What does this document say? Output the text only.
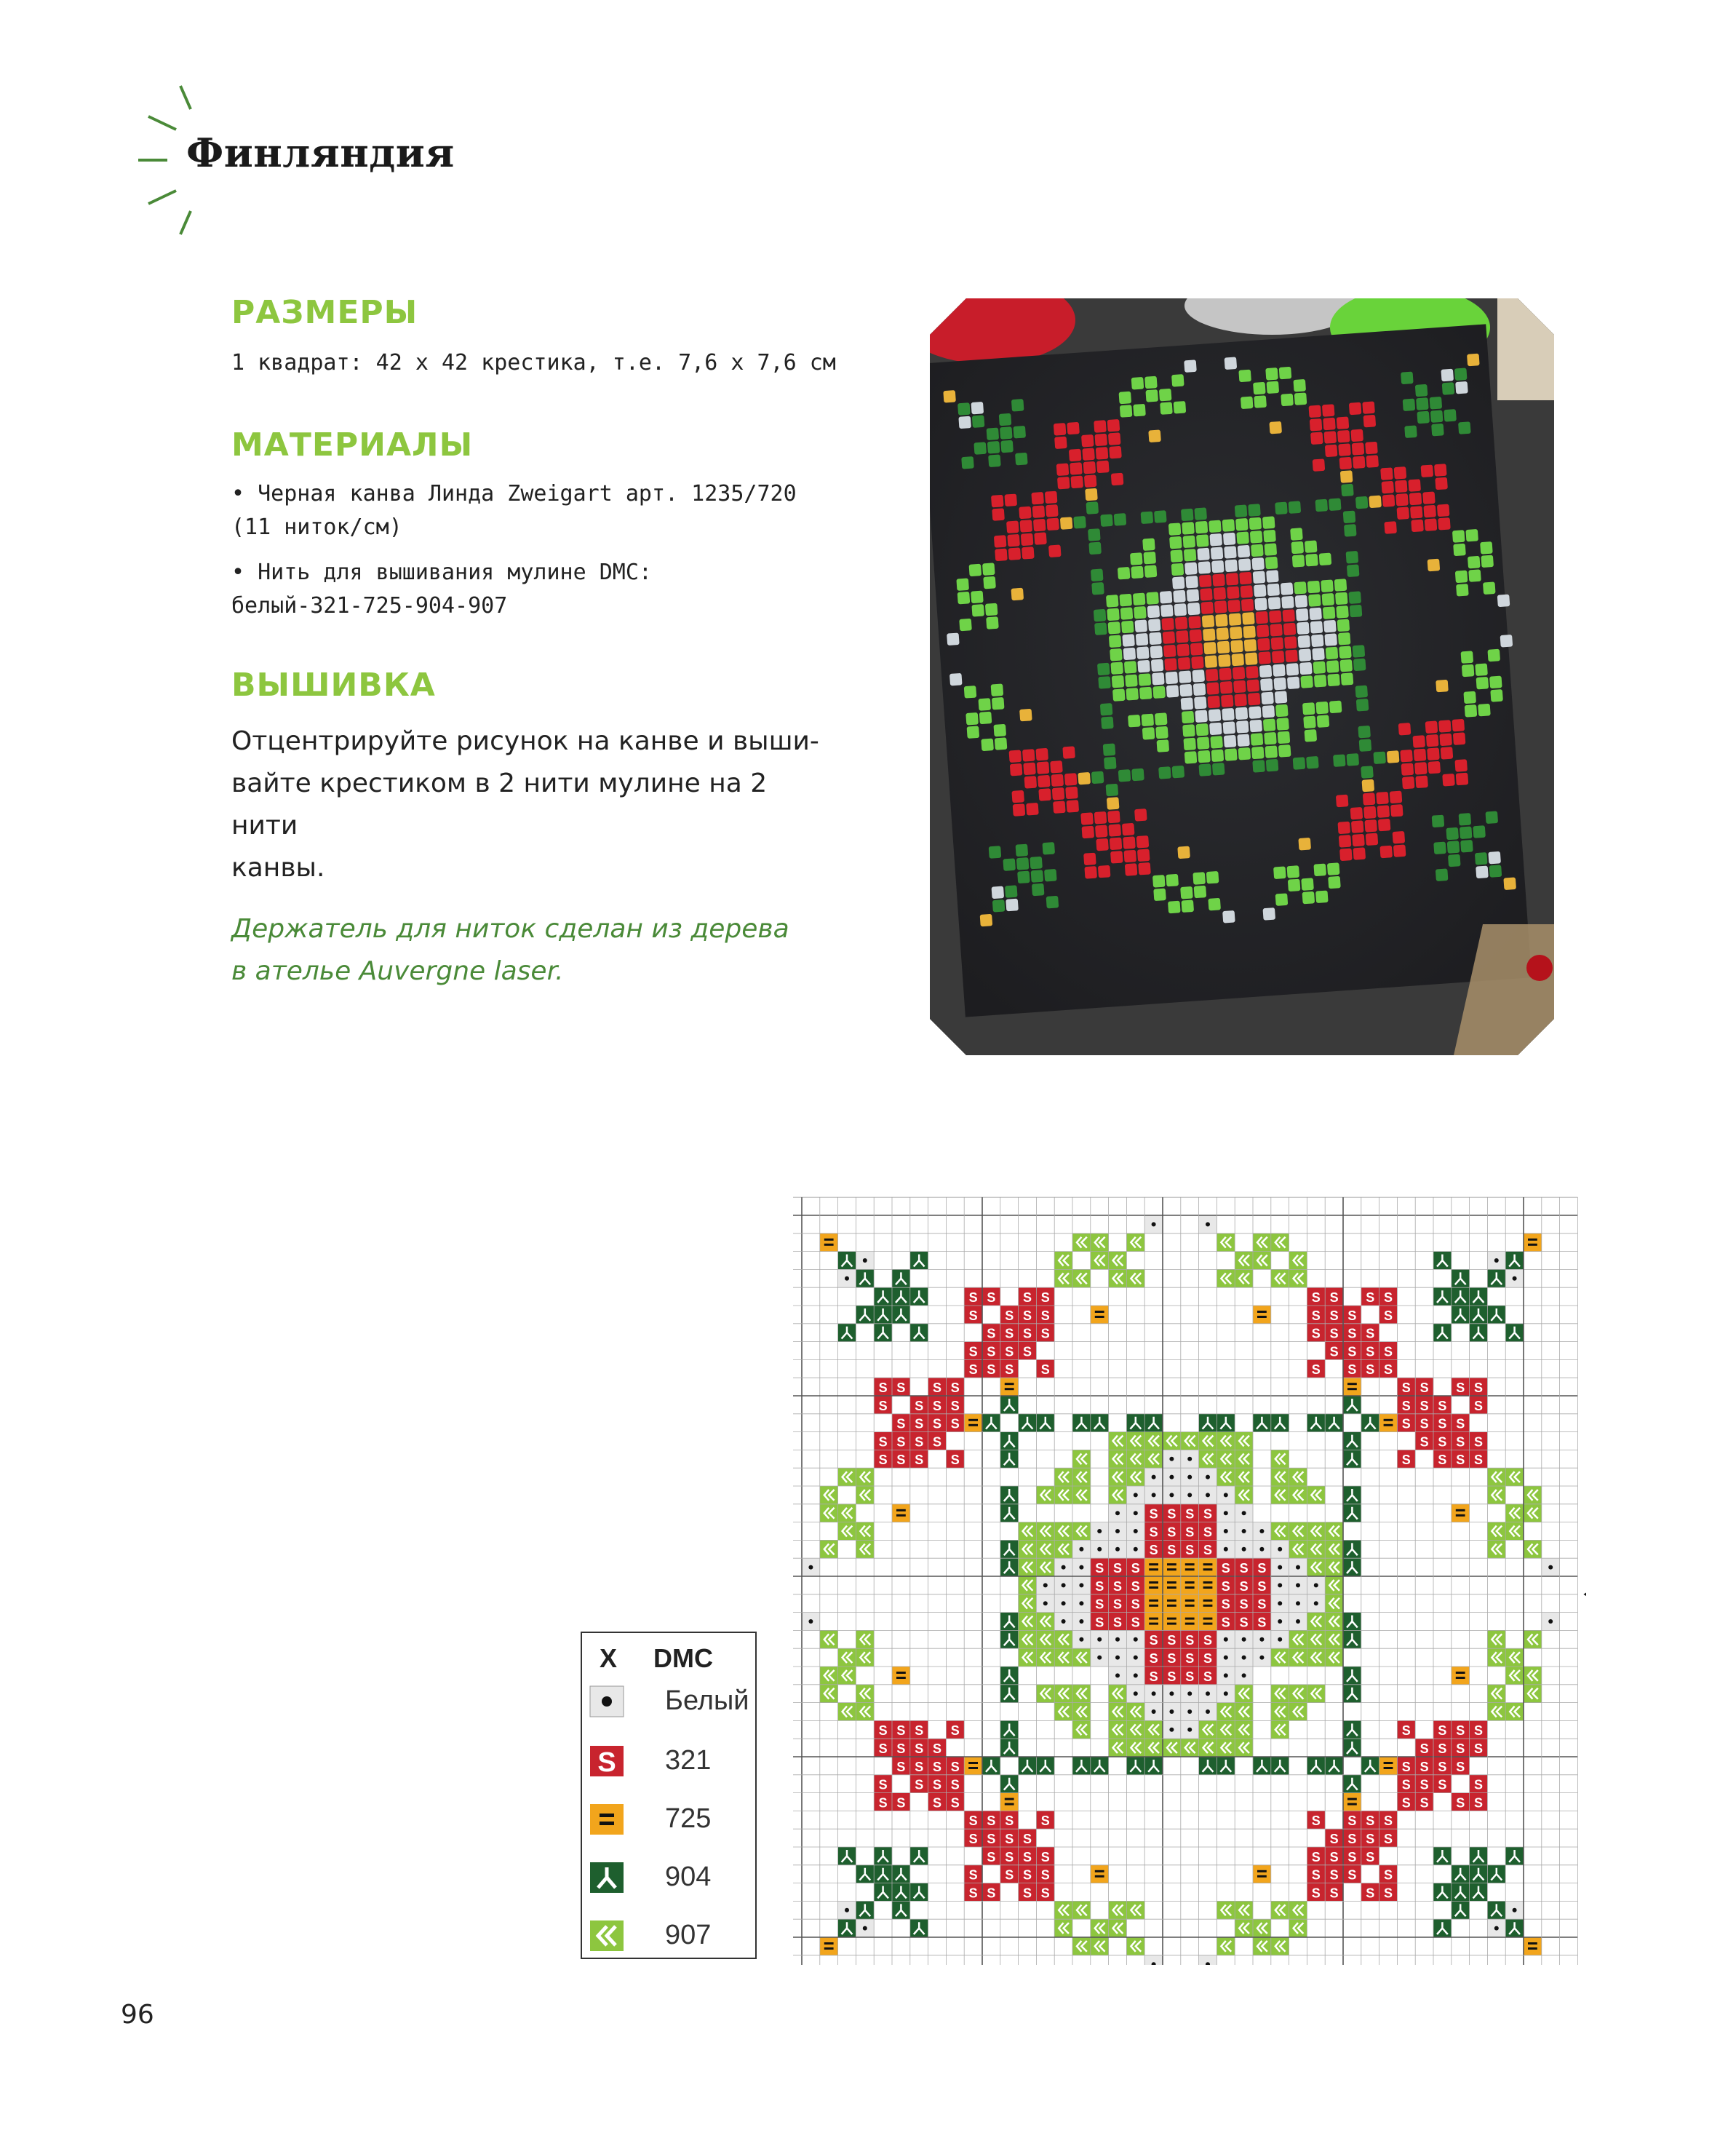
Финляндия
РАЗМЕРЫ
1 квадрат: 42 х 42 крестика, т.е. 7,6 х 7,6 см
МАТЕРИАЛЫ
• Черная канва Линда Zweigart арт. 1235/720
(11 ниток/см)
• Нить для вышивания мулине DMC:
белый-321-725-904-907
ВЫШИВКА
Отцентрируйте рисунок на канве и выши-
вайте крестиком в 2 нити мулине на 2 нити
канвы.
Держатель для ниток сделан из дерева
в ателье Auvergne laser.
X DMC
Белый
S 321
725
904
907
S S S S	S S S S
S S S S	S S S S
S S S S	S S S S
S S S S	S S S S
S S S S	S S S S
S S S S	S S S S
S S S S	S S S S
S S S S	S S S S
S S S S	S S S S
S S S S	S S S S
S S S S
S S S S
S S S S
S S S	S S S
S S S	S S S
S S S	S S S
S S S	S S S
S S S S
S S S S
S S S S
S S S S	S S S S
S S S S	S S S S
S S S S	S S S S
S S S S	S S S S
S S S S	S S S S
S S S S	S S S S
S S S S	S S S S
S S S S	S S S S
S S S S	S S S S
S S S S	S S S S
96
